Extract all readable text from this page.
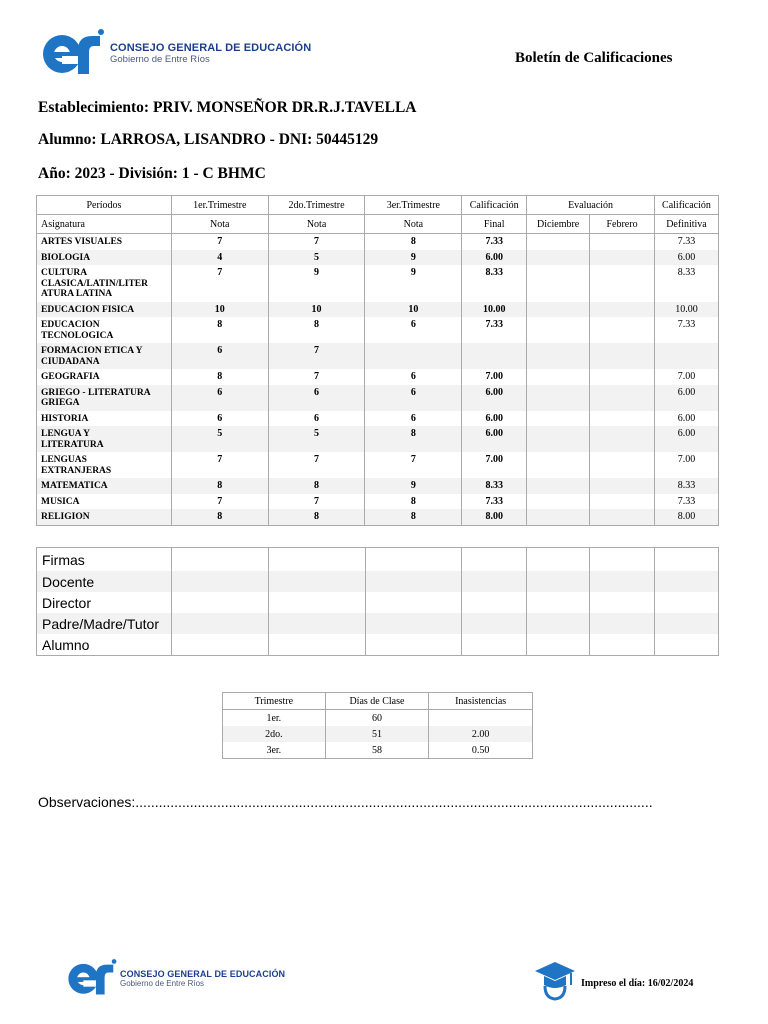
CONSEJO GENERAL DE EDUCACIÓN
Gobierno de Entre Ríos	Boletín de Calificaciones
Establecimiento: PRIV. MONSEÑOR DR.R.J.TAVELLA
Alumno: LARROSA, LISANDRO - DNI: 50445129
Año: 2023 - División: 1 - C BHMC
Períodos	1er.Trimestre	2do.Trimestre	3er.Trimestre	Calificación	Evaluación		Calificación
Asignatura	Nota	Nota	Nota	Final	Diciembre	Febrero	Definitiva
ARTES VISUALES	7	7	8	7.33			7.33
BIOLOGIA	4	5	9	6.00			6.00
CULTURA
CLASICA/LATIN/LITER
ATURA LATINA	7	9	9	8.33			8.33
EDUCACION FISICA	10	10	10	10.00			10.00
EDUCACION
TECNOLOGICA	8	8	6	7.33			7.33
FORMACION ETICA Y
CIUDADANA	6	7					
GEOGRAFIA	8	7	6	7.00			7.00
GRIEGO - LITERATURA
GRIEGA	6	6	6	6.00			6.00
HISTORIA	6	6	6	6.00			6.00
LENGUA Y
LITERATURA	5	5	8	6.00			6.00
LENGUAS
EXTRANJERAS	7	7	7	7.00			7.00
MATEMATICA	8	8	9	8.33			8.33
MUSICA	7	7	8	7.33			7.33
RELIGION	8	8	8	8.00			8.00
Firmas							
Docente							
Director							
Padre/Madre/Tutor							
Alumno							
Trimestre	Días de Clase	Inasistencias
1er.	60	
2do.	51	2.00
3er.	58	0.50
Observaciones:.....................................................................................................................................
CONSEJO GENERAL DE EDUCACIÓN
Gobierno de Entre Ríos	Impreso el día: 16/02/2024
